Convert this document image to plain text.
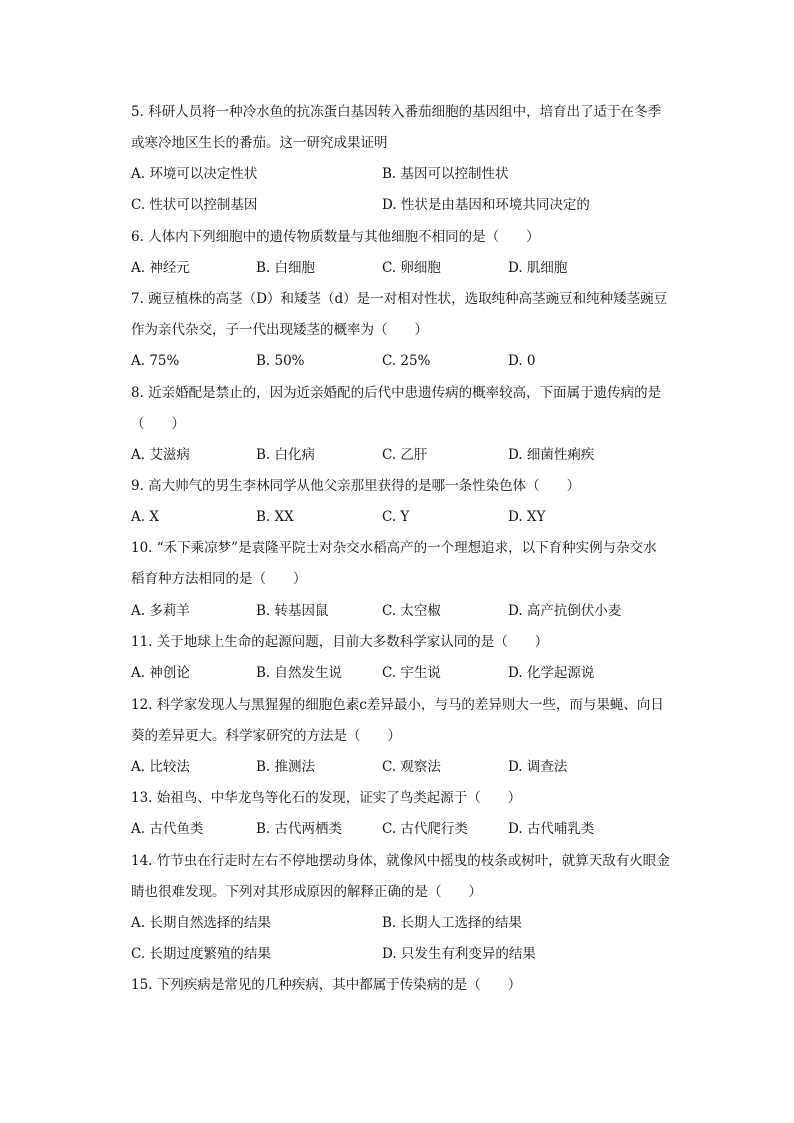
5. 科研人员将一种冷水鱼的抗冻蛋白基因转入番茄细胞的基因组中，培育出了适于在冬季
或寒冷地区生长的番茄。这一研究成果证明
A. 环境可以决定性状	B. 基因可以控制性状
C. 性状可以控制基因	D. 性状是由基因和环境共同决定的
6. 人体内下列细胞中的遗传物质数量与其他细胞不相同的是（　　）
A. 神经元	B. 白细胞	C. 卵细胞	D. 肌细胞
7. 豌豆植株的高茎（D）和矮茎（d）是一对相对性状，选取纯种高茎豌豆和纯种矮茎豌豆
作为亲代杂交，子一代出现矮茎的概率为（　　）
A. 75%	B. 50%	C. 25%	D. 0
8. 近亲婚配是禁止的，因为近亲婚配的后代中患遗传病的概率较高，下面属于遗传病的是
（　　）
A. 艾滋病	B. 白化病	C. 乙肝	D. 细菌性痢疾
9. 高大帅气的男生李林同学从他父亲那里获得的是哪一条性染色体（　　）
A. X	B. XX	C. Y	D. XY
10. “禾下乘凉梦”是袁隆平院士对杂交水稻高产的一个理想追求，以下育种实例与杂交水
稻育种方法相同的是（　　）
A. 多莉羊	B. 转基因鼠	C. 太空椒	D. 高产抗倒伏小麦
11. 关于地球上生命的起源问题，目前大多数科学家认同的是（　　）
A. 神创论	B. 自然发生说	C. 宇生说	D. 化学起源说
12. 科学家发现人与黑猩猩的细胞色素c差异最小，与马的差异则大一些，而与果蝇、向日
葵的差异更大。科学家研究的方法是（　　）
A. 比较法	B. 推测法	C. 观察法	D. 调查法
13. 始祖鸟、中华龙鸟等化石的发现，证实了鸟类起源于（　　）
A. 古代鱼类	B. 古代两栖类	C. 古代爬行类	D. 古代哺乳类
14. 竹节虫在行走时左右不停地摆动身体，就像风中摇曳的枝条或树叶，就算天敌有火眼金
睛也很难发现。下列对其形成原因的解释正确的是（　　）
A. 长期自然选择的结果	B. 长期人工选择的结果
C. 长期过度繁殖的结果	D. 只发生有利变异的结果
15. 下列疾病是常见的几种疾病，其中都属于传染病的是（　　）
